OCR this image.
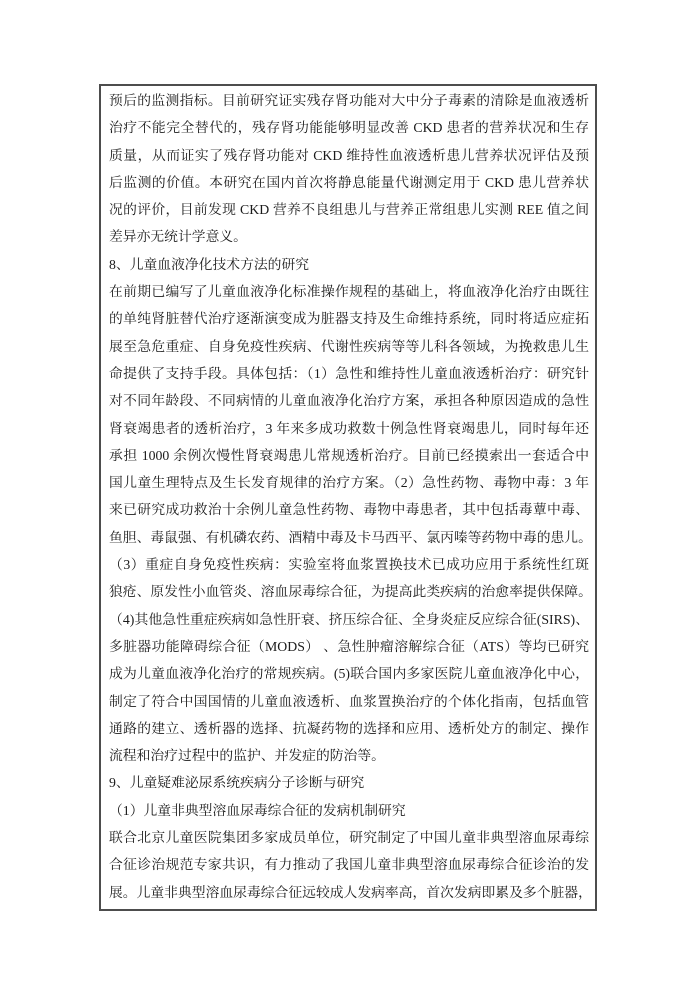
预后的监测指标。目前研究证实残存肾功能对大中分子毒素的清除是血液透析
治疗不能完全替代的，残存肾功能能够明显改善 CKD 患者的营养状况和生存
质量，从而证实了残存肾功能对 CKD 维持性血液透析患儿营养状况评估及预
后监测的价值。本研究在国内首次将静息能量代谢测定用于 CKD 患儿营养状
况的评价，目前发现 CKD 营养不良组患儿与营养正常组患儿实测 REE 值之间
差异亦无统计学意义。
8、儿童血液净化技术方法的研究
在前期已编写了儿童血液净化标准操作规程的基础上，将血液净化治疗由既往
的单纯肾脏替代治疗逐渐演变成为脏器支持及生命维持系统，同时将适应症拓
展至急危重症、自身免疫性疾病、代谢性疾病等等儿科各领域，为挽救患儿生
命提供了支持手段。具体包括：（1）急性和维持性儿童血液透析治疗：研究针
对不同年龄段、不同病情的儿童血液净化治疗方案，承担各种原因造成的急性
肾衰竭患者的透析治疗，3 年来多成功救数十例急性肾衰竭患儿，同时每年还
承担 1000 余例次慢性肾衰竭患儿常规透析治疗。目前已经摸索出一套适合中
国儿童生理特点及生长发育规律的治疗方案。（2）急性药物、毒物中毒：3 年
来已研究成功救治十余例儿童急性药物、毒物中毒患者，其中包括毒蕈中毒、
鱼胆、毒鼠强、有机磷农药、酒精中毒及卡马西平、氯丙嗪等药物中毒的患儿。
（3）重症自身免疫性疾病：实验室将血浆置换技术已成功应用于系统性红斑
狼疮、原发性小血管炎、溶血尿毒综合征，为提高此类疾病的治愈率提供保障。
（4)其他急性重症疾病如急性肝衰、挤压综合征、全身炎症反应综合征(SIRS)、
多脏器功能障碍综合征（MODS） 、急性肿瘤溶解综合征（ATS）等均已研究
成为儿童血液净化治疗的常规疾病。(5)联合国内多家医院儿童血液净化中心，
制定了符合中国国情的儿童血液透析、血浆置换治疗的个体化指南，包括血管
通路的建立、透析器的选择、抗凝药物的选择和应用、透析处方的制定、操作
流程和治疗过程中的监护、并发症的防治等。
9、儿童疑难泌尿系统疾病分子诊断与研究
（1）儿童非典型溶血尿毒综合征的发病机制研究
联合北京儿童医院集团多家成员单位，研究制定了中国儿童非典型溶血尿毒综
合征诊治规范专家共识，有力推动了我国儿童非典型溶血尿毒综合征诊治的发
展。儿童非典型溶血尿毒综合征远较成人发病率高，首次发病即累及多个脏器，
